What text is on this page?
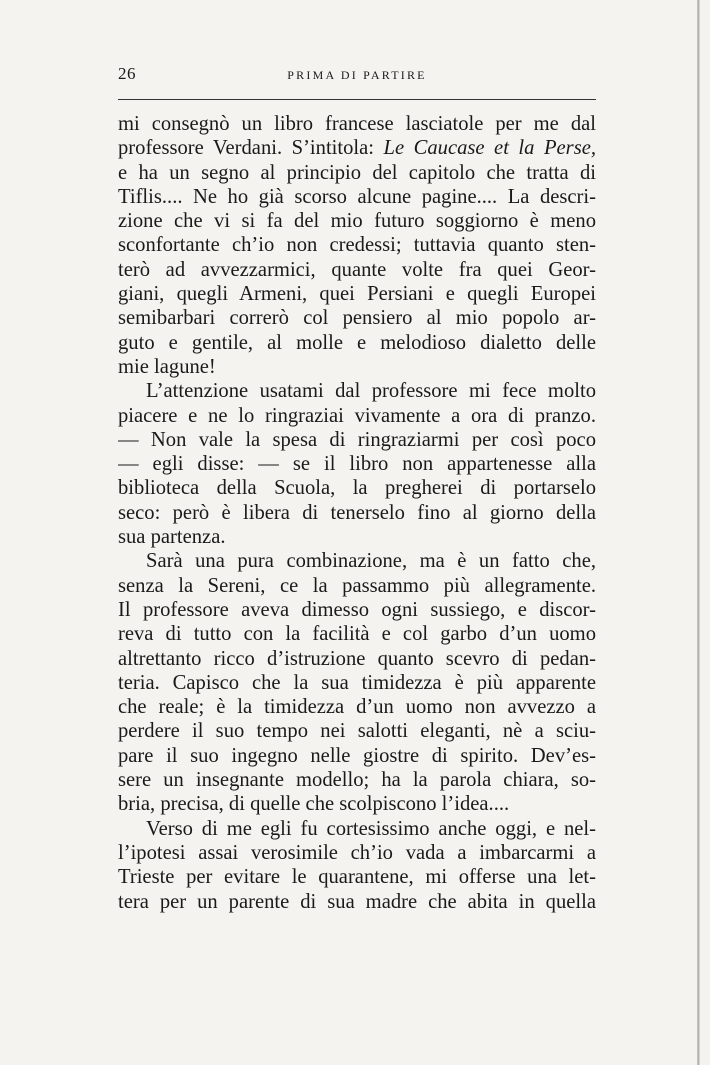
26	PRIMA DI PARTIRE
mi consegnò un libro francese lasciatole per me dal
professore Verdani. S’intitola: Le Caucase et la Perse,
e ha un segno al principio del capitolo che tratta di
Tiflis.... Ne ho già scorso alcune pagine.... La descri-
zione che vi si fa del mio futuro soggiorno è meno
sconfortante ch’io non credessi; tuttavia quanto sten-
terò ad avvezzarmici, quante volte fra quei Geor-
giani, quegli Armeni, quei Persiani e quegli Europei
semibarbari correrò col pensiero al mio popolo ar-
guto e gentile, al molle e melodioso dialetto delle
mie lagune!
L’attenzione usatami dal professore mi fece molto
piacere e ne lo ringraziai vivamente a ora di pranzo.
— Non vale la spesa di ringraziarmi per così poco
— egli disse: — se il libro non appartenesse alla
biblioteca della Scuola, la pregherei di portarselo
seco: però è libera di tenerselo fino al giorno della
sua partenza.
Sarà una pura combinazione, ma è un fatto che,
senza la Sereni, ce la passammo più allegramente.
Il professore aveva dimesso ogni sussiego, e discor-
reva di tutto con la facilità e col garbo d’un uomo
altrettanto ricco d’istruzione quanto scevro di pedan-
teria. Capisco che la sua timidezza è più apparente
che reale; è la timidezza d’un uomo non avvezzo a
perdere il suo tempo nei salotti eleganti, nè a sciu-
pare il suo ingegno nelle giostre di spirito. Dev’es-
sere un insegnante modello; ha la parola chiara, so-
bria, precisa, di quelle che scolpiscono l’idea....
Verso di me egli fu cortesissimo anche oggi, e nel-
l’ipotesi assai verosimile ch’io vada a imbarcarmi a
Trieste per evitare le quarantene, mi offerse una let-
tera per un parente di sua madre che abita in quella
